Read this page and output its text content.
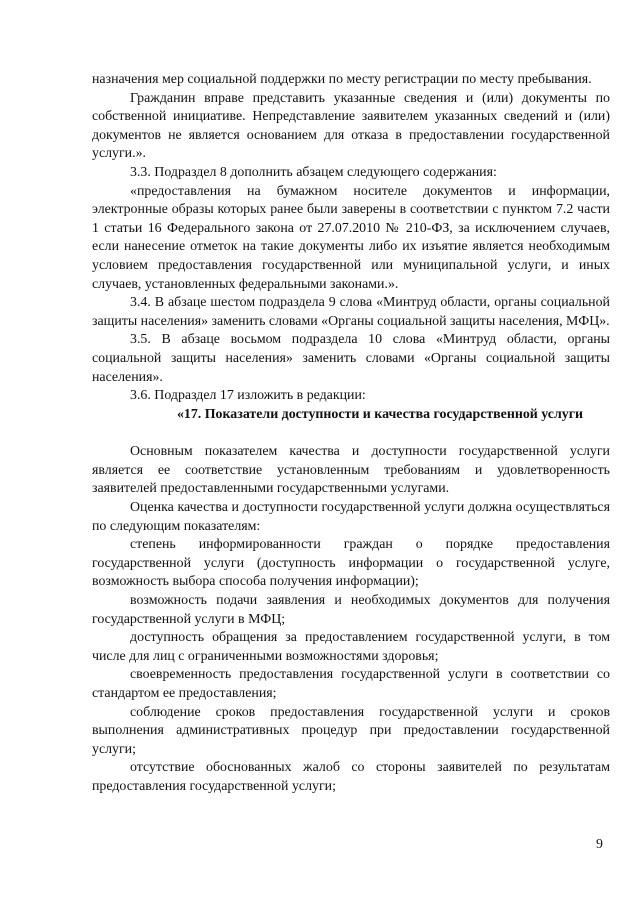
назначения мер социальной поддержки по месту регистрации по месту пребывания.

Гражданин вправе представить указанные сведения и (или) документы по собственной инициативе. Непредставление заявителем указанных сведений и (или) документов не является основанием для отказа в предоставлении государственной услуги.».

3.3. Подраздел 8 дополнить абзацем следующего содержания:

«предоставления на бумажном носителе документов и информации, электронные образы которых ранее были заверены в соответствии с пунктом 7.2 части 1 статьи 16 Федерального закона от 27.07.2010 № 210-ФЗ, за исключением случаев, если нанесение отметок на такие документы либо их изъятие является необходимым условием предоставления государственной или муниципальной услуги, и иных случаев, установленных федеральными законами.».

3.4. В абзаце шестом подраздела 9 слова «Минтруд области, органы социальной защиты населения» заменить словами «Органы социальной защиты населения, МФЦ».

3.5. В абзаце восьмом подраздела 10 слова «Минтруд области, органы социальной защиты населения» заменить словами «Органы социальной защиты населения».

3.6. Подраздел 17 изложить в редакции:

«17. Показатели доступности и качества государственной услуги

Основным показателем качества и доступности государственной услуги является ее соответствие установленным требованиям и удовлетворенность заявителей предоставленными государственными услугами.

Оценка качества и доступности государственной услуги должна осуществляться по следующим показателям:

степень информированности граждан о порядке предоставления государственной услуги (доступность информации о государственной услуге, возможность выбора способа получения информации);

возможность подачи заявления и необходимых документов для получения государственной услуги в МФЦ;

доступность обращения за предоставлением государственной услуги, в том числе для лиц с ограниченными возможностями здоровья;

своевременность предоставления государственной услуги в соответствии со стандартом ее предоставления;

соблюдение сроков предоставления государственной услуги и сроков выполнения административных процедур при предоставлении государственной услуги;

отсутствие обоснованных жалоб со стороны заявителей по результатам предоставления государственной услуги;

9
